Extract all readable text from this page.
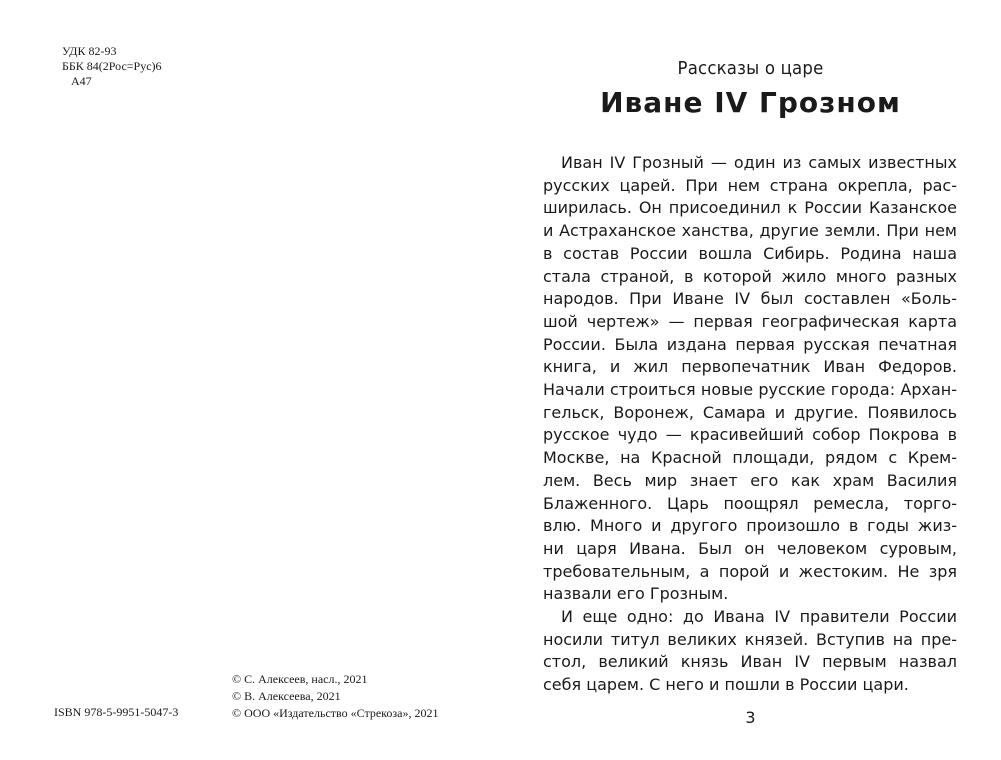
УДК 82-93
ББК 84(2Рос=Рус)6
А47
ISBN 978-5-9951-5047-3
© С. Алексеев, насл., 2021
© В. Алексеева, 2021
© ООО «Издательство «Стрекоза», 2021
Рассказы о царе
Иване IV Грозном

Иван IV Грозный — один из самых известных

русских царей. При нем страна окрепла, рас-

ширилась. Он присоединил к России Казанское

и Астраханское ханства, другие земли. При нем

в состав России вошла Сибирь. Родина наша

стала страной, в которой жило много разных

народов. При Иване IV был составлен «Боль-

шой чертеж» — первая географическая карта

России. Была издана первая русская печатная

книга, и жил первопечатник Иван Федоров.

Начали строиться новые русские города: Архан-

гельск, Воронеж, Самара и другие. Появилось

русское чудо — красивейший собор Покрова в

Москве, на Красной площади, рядом с Крем-

лем. Весь мир знает его как храм Василия

Блаженного. Царь поощрял ремесла, торго-

влю. Много и другого произошло в годы жиз-

ни царя Ивана. Был он человеком суровым,

требовательным, а порой и жестоким. Не зря

назвали его Грозным.

И еще одно: до Ивана IV правители России

носили титул великих князей. Вступив на пре-

стол, великий князь Иван IV первым назвал

себя царем. С него и пошли в России цари.

3
